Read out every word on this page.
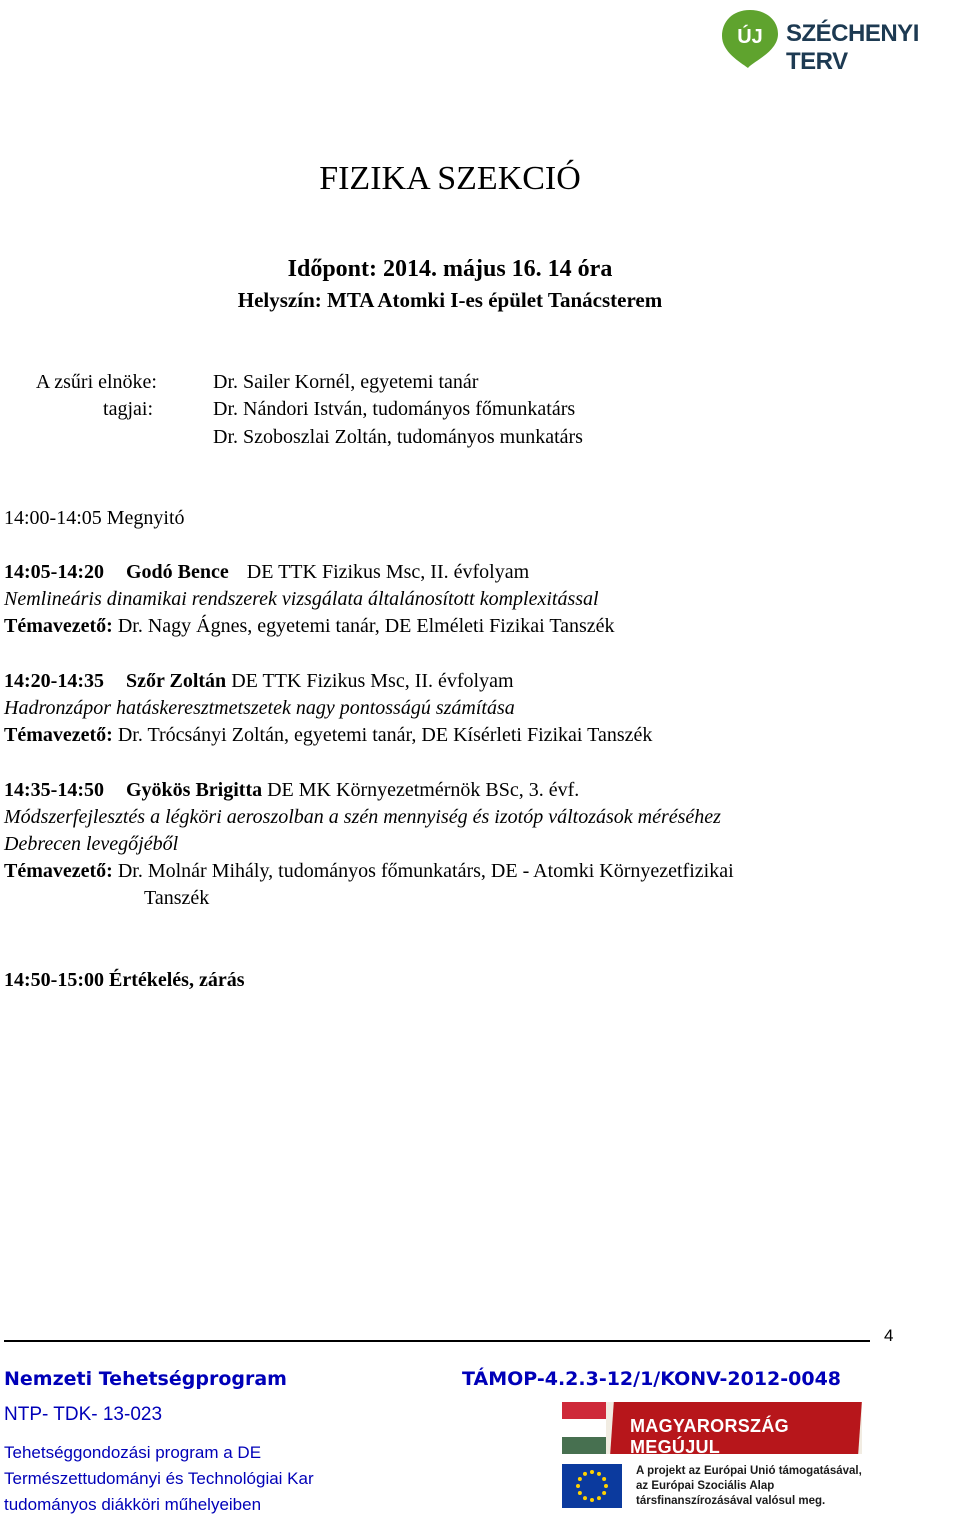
ÚJ SZÉCHENYI TERV
FIZIKA SZEKCIÓ
Időpont: 2014. május 16. 14 óra
Helyszín: MTA Atomki I-es épület Tanácsterem
A zsűri elnöke:
tagjai:
Dr. Sailer Kornél, egyetemi tanár
Dr. Nándori István, tudományos főmunkatárs
Dr. Szoboszlai Zoltán, tudományos munkatárs
14:00-14:05 Megnyitó
14:05-14:20 Godó Bence DE TTK Fizikus Msc, II. évfolyam
Nemlineáris dinamikai rendszerek vizsgálata általánosított komplexitással
Témavezető: Dr. Nagy Ágnes, egyetemi tanár, DE Elméleti Fizikai Tanszék
14:20-14:35 Szőr Zoltán DE TTK Fizikus Msc, II. évfolyam
Hadronzápor hatáskeresztmetszetek nagy pontosságú számítása
Témavezető: Dr. Trócsányi Zoltán, egyetemi tanár, DE Kísérleti Fizikai Tanszék
14:35-14:50 Gyökös Brigitta DE MK Környezetmérnök BSc, 3. évf.
Módszerfejlesztés a légköri aeroszolban a szén mennyiség és izotóp változások méréséhez
Debrecen levegőjéből
Témavezető: Dr. Molnár Mihály, tudományos főmunkatárs, DE - Atomki Környezetfizikai
Tanszék
14:50-15:00 Értékelés, zárás
4
Nemzeti Tehetségprogram	TÁMOP-4.2.3-12/1/KONV-2012-0048
NTP- TDK- 13-023
Tehetséggondozási program a DE
Természettudományi és Technológiai Kar
tudományos diákköri műhelyeiben
MAGYARORSZÁG MEGÚJUL
A projekt az Európai Unió támogatásával,
az Európai Szociális Alap
társfinanszírozásával valósul meg.
